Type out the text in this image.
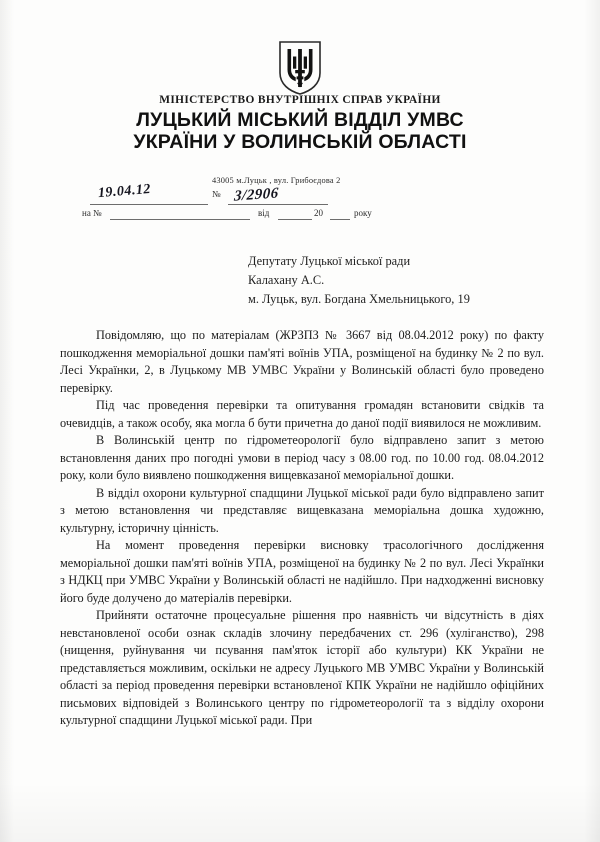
МІНІСТЕРСТВО ВНУТРІШНІХ СПРАВ УКРАЇНИ
ЛУЦЬКИЙ МІСЬКИЙ ВІДДІЛ УМВС
УКРАЇНИ У ВОЛИНСЬКІЙ ОБЛАСТІ
43005 м.Луцьк , вул. Грибоєдова 2
№
19.04.12	3/2906
на №	від	20	року
Депутату Луцької міської ради
Калахану А.С.
м. Луцьк, вул. Богдана Хмельницького, 19

Повідомляю, що по матеріалам (ЖРЗПЗ № 3667 від 08.04.2012 року) по факту пошкодження меморіальної дошки пам'яті воїнів УПА, розміщеної на будинку № 2 по вул. Лесі Українки, 2, в Луцькому МВ УМВС України у Волинській області було проведено перевірку.

Під час проведення перевірки та опитування громадян встановити свідків та очевидців, а також особу, яка могла б бути причетна до даної події виявилося не можливим.

В Волинській центр по гідрометеорології було відправлено запит з метою встановлення даних про погодні умови в період часу з 08.00 год. по 10.00 год. 08.04.2012 року, коли було виявлено пошкодження вищевказаної меморіальної дошки.

В відділ охорони культурної спадщини Луцької міської ради було відправлено запит з метою встановлення чи представляє вищевказана меморіальна дошка художню, культурну, історичну цінність.

На момент проведення перевірки висновку трасологічного дослідження меморіальної дошки пам'яті воїнів УПА, розміщеної на будинку № 2 по вул. Лесі Українки з НДКЦ при УМВС України у Волинській області не надійшло. При надходженні висновку його буде долучено до матеріалів перевірки.

Прийняти остаточне процесуальне рішення про наявність чи відсутність в діях невстановленої особи ознак складів злочину передбачених ст. 296 (хуліганство), 298 (нищення, руйнування чи псування пам'яток історії або культури) КК України не представляється можливим, оскільки не адресу Луцького МВ УМВС України у Волинській області за період проведення перевірки встановленої КПК України не надійшло офіційних письмових відповідей з Волинського центру по гідрометеорології та з відділу охорони культурної спадщини Луцької міської ради. При
